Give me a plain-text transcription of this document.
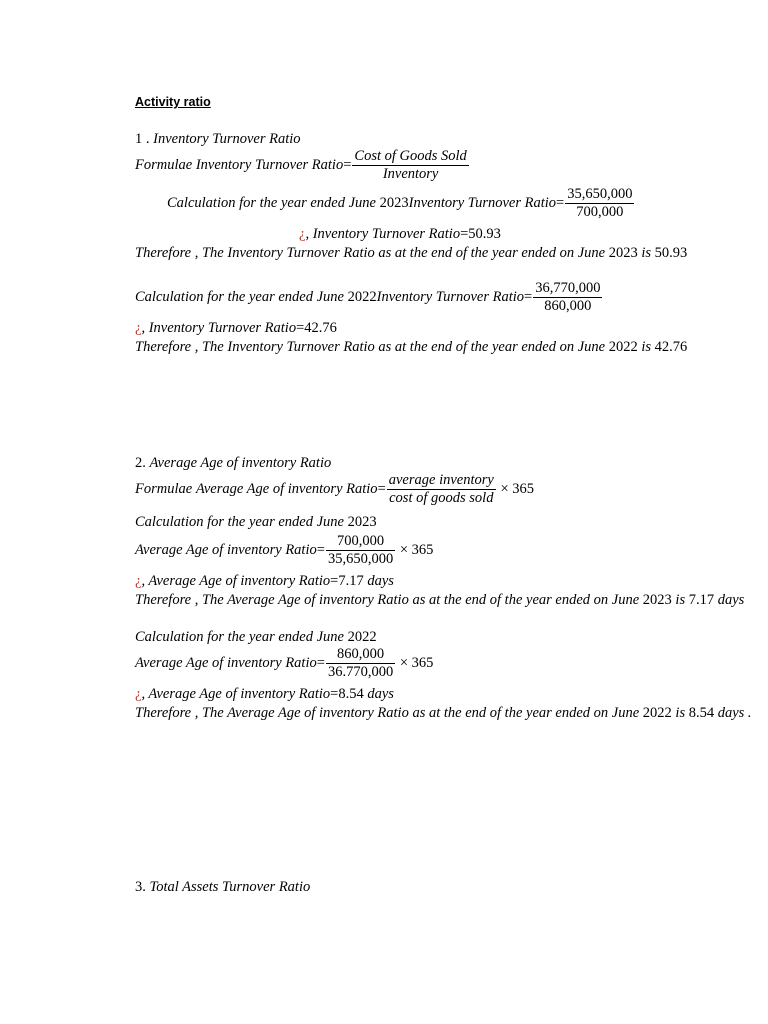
Activity ratio
1 . Inventory Turnover Ratio
Formulae Inventory Turnover Ratio= $\frac{\text{Cost of Goods Sold}}{\text{Inventory}}$
Calculation for the year ended June 2023Inventory Turnover Ratio= $\frac{35,650,000}{700,000}$
¿, Inventory Turnover Ratio=50.93
Therefore , The Inventory Turnover Ratio as at the end of the year ended on June 2023 is 50.93
Calculation for the year ended June 2022Inventory Turnover Ratio= $\frac{36,770,000}{860,000}$
¿, Inventory Turnover Ratio=42.76
Therefore , The Inventory Turnover Ratio as at the end of the year ended on June 2022 is 42.76
2. Average Age of inventory Ratio
Formulae Average Age of inventory Ratio= $\frac{\text{average inventory}}{\text{cost of goods sold}} \times 365$
Calculation for the year ended June 2023
Average Age of inventory Ratio= $\frac{700,000}{35,650,000} \times 365$
¿, Average Age of inventory Ratio=7.17 days
Therefore , The Average Age of inventory Ratio as at the end of the year ended on June 2023 is 7.17 days
Calculation for the year ended June 2022
Average Age of inventory Ratio= $\frac{860,000}{36.770,000} \times 365$
¿, Average Age of inventory Ratio=8.54 days
Therefore , The Average Age of inventory Ratio as at the end of the year ended on June 2022 is 8.54 days .
3. Total Assets Turnover Ratio
